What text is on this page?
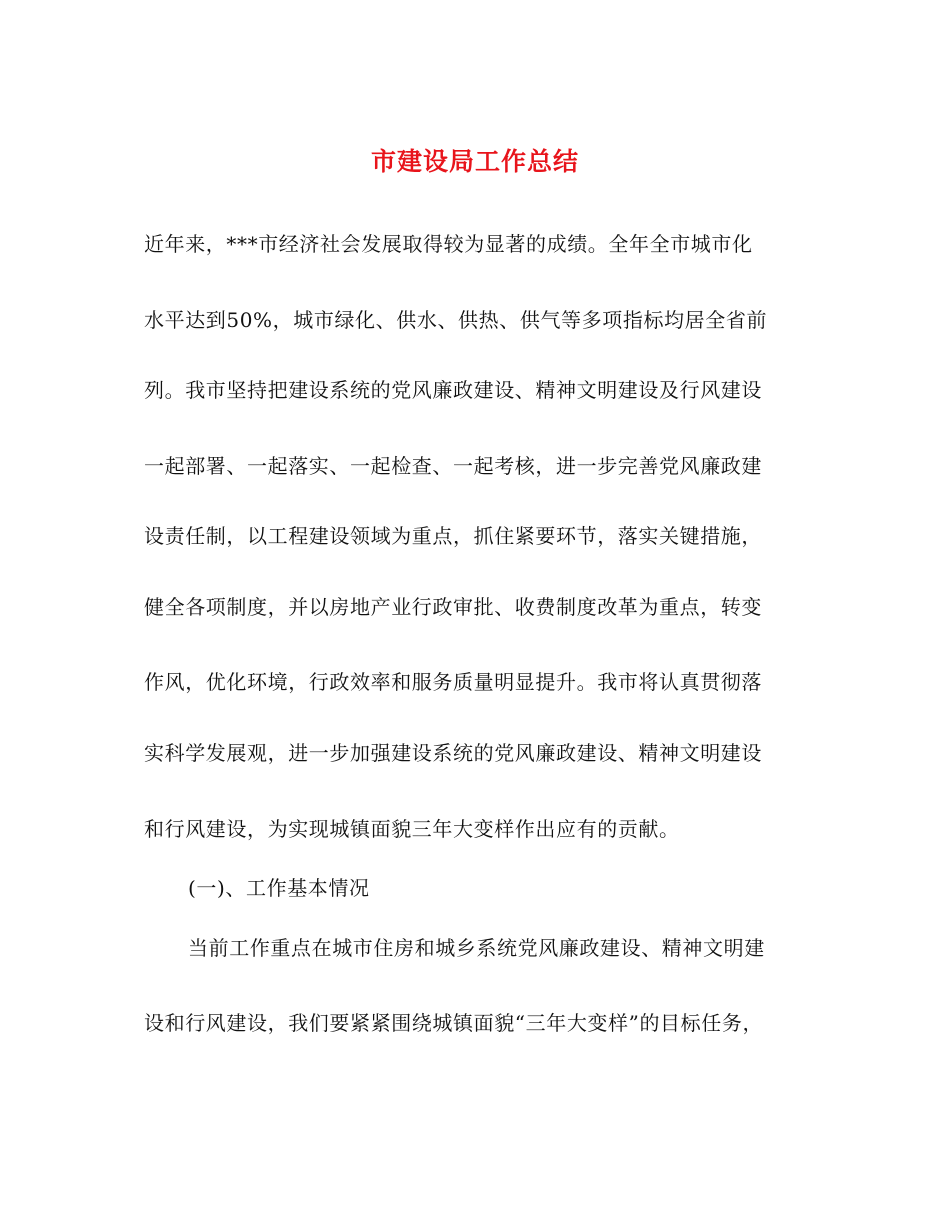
市建设局工作总结

近年来，***市经济社会发展取得较为显著的成绩。全年全市城市化

水平达到50%，城市绿化、供水、供热、供气等多项指标均居全省前

列。我市坚持把建设系统的党风廉政建设、精神文明建设及行风建设

一起部署、一起落实、一起检查、一起考核，进一步完善党风廉政建

设责任制，以工程建设领域为重点，抓住紧要环节，落实关键措施，

健全各项制度，并以房地产业行政审批、收费制度改革为重点，转变

作风，优化环境，行政效率和服务质量明显提升。我市将认真贯彻落

实科学发展观，进一步加强建设系统的党风廉政建设、精神文明建设

和行风建设，为实现城镇面貌三年大变样作出应有的贡献。

(一)、工作基本情况

当前工作重点在城市住房和城乡系统党风廉政建设、精神文明建

设和行风建设，我们要紧紧围绕城镇面貌“三年大变样”的目标任务，
